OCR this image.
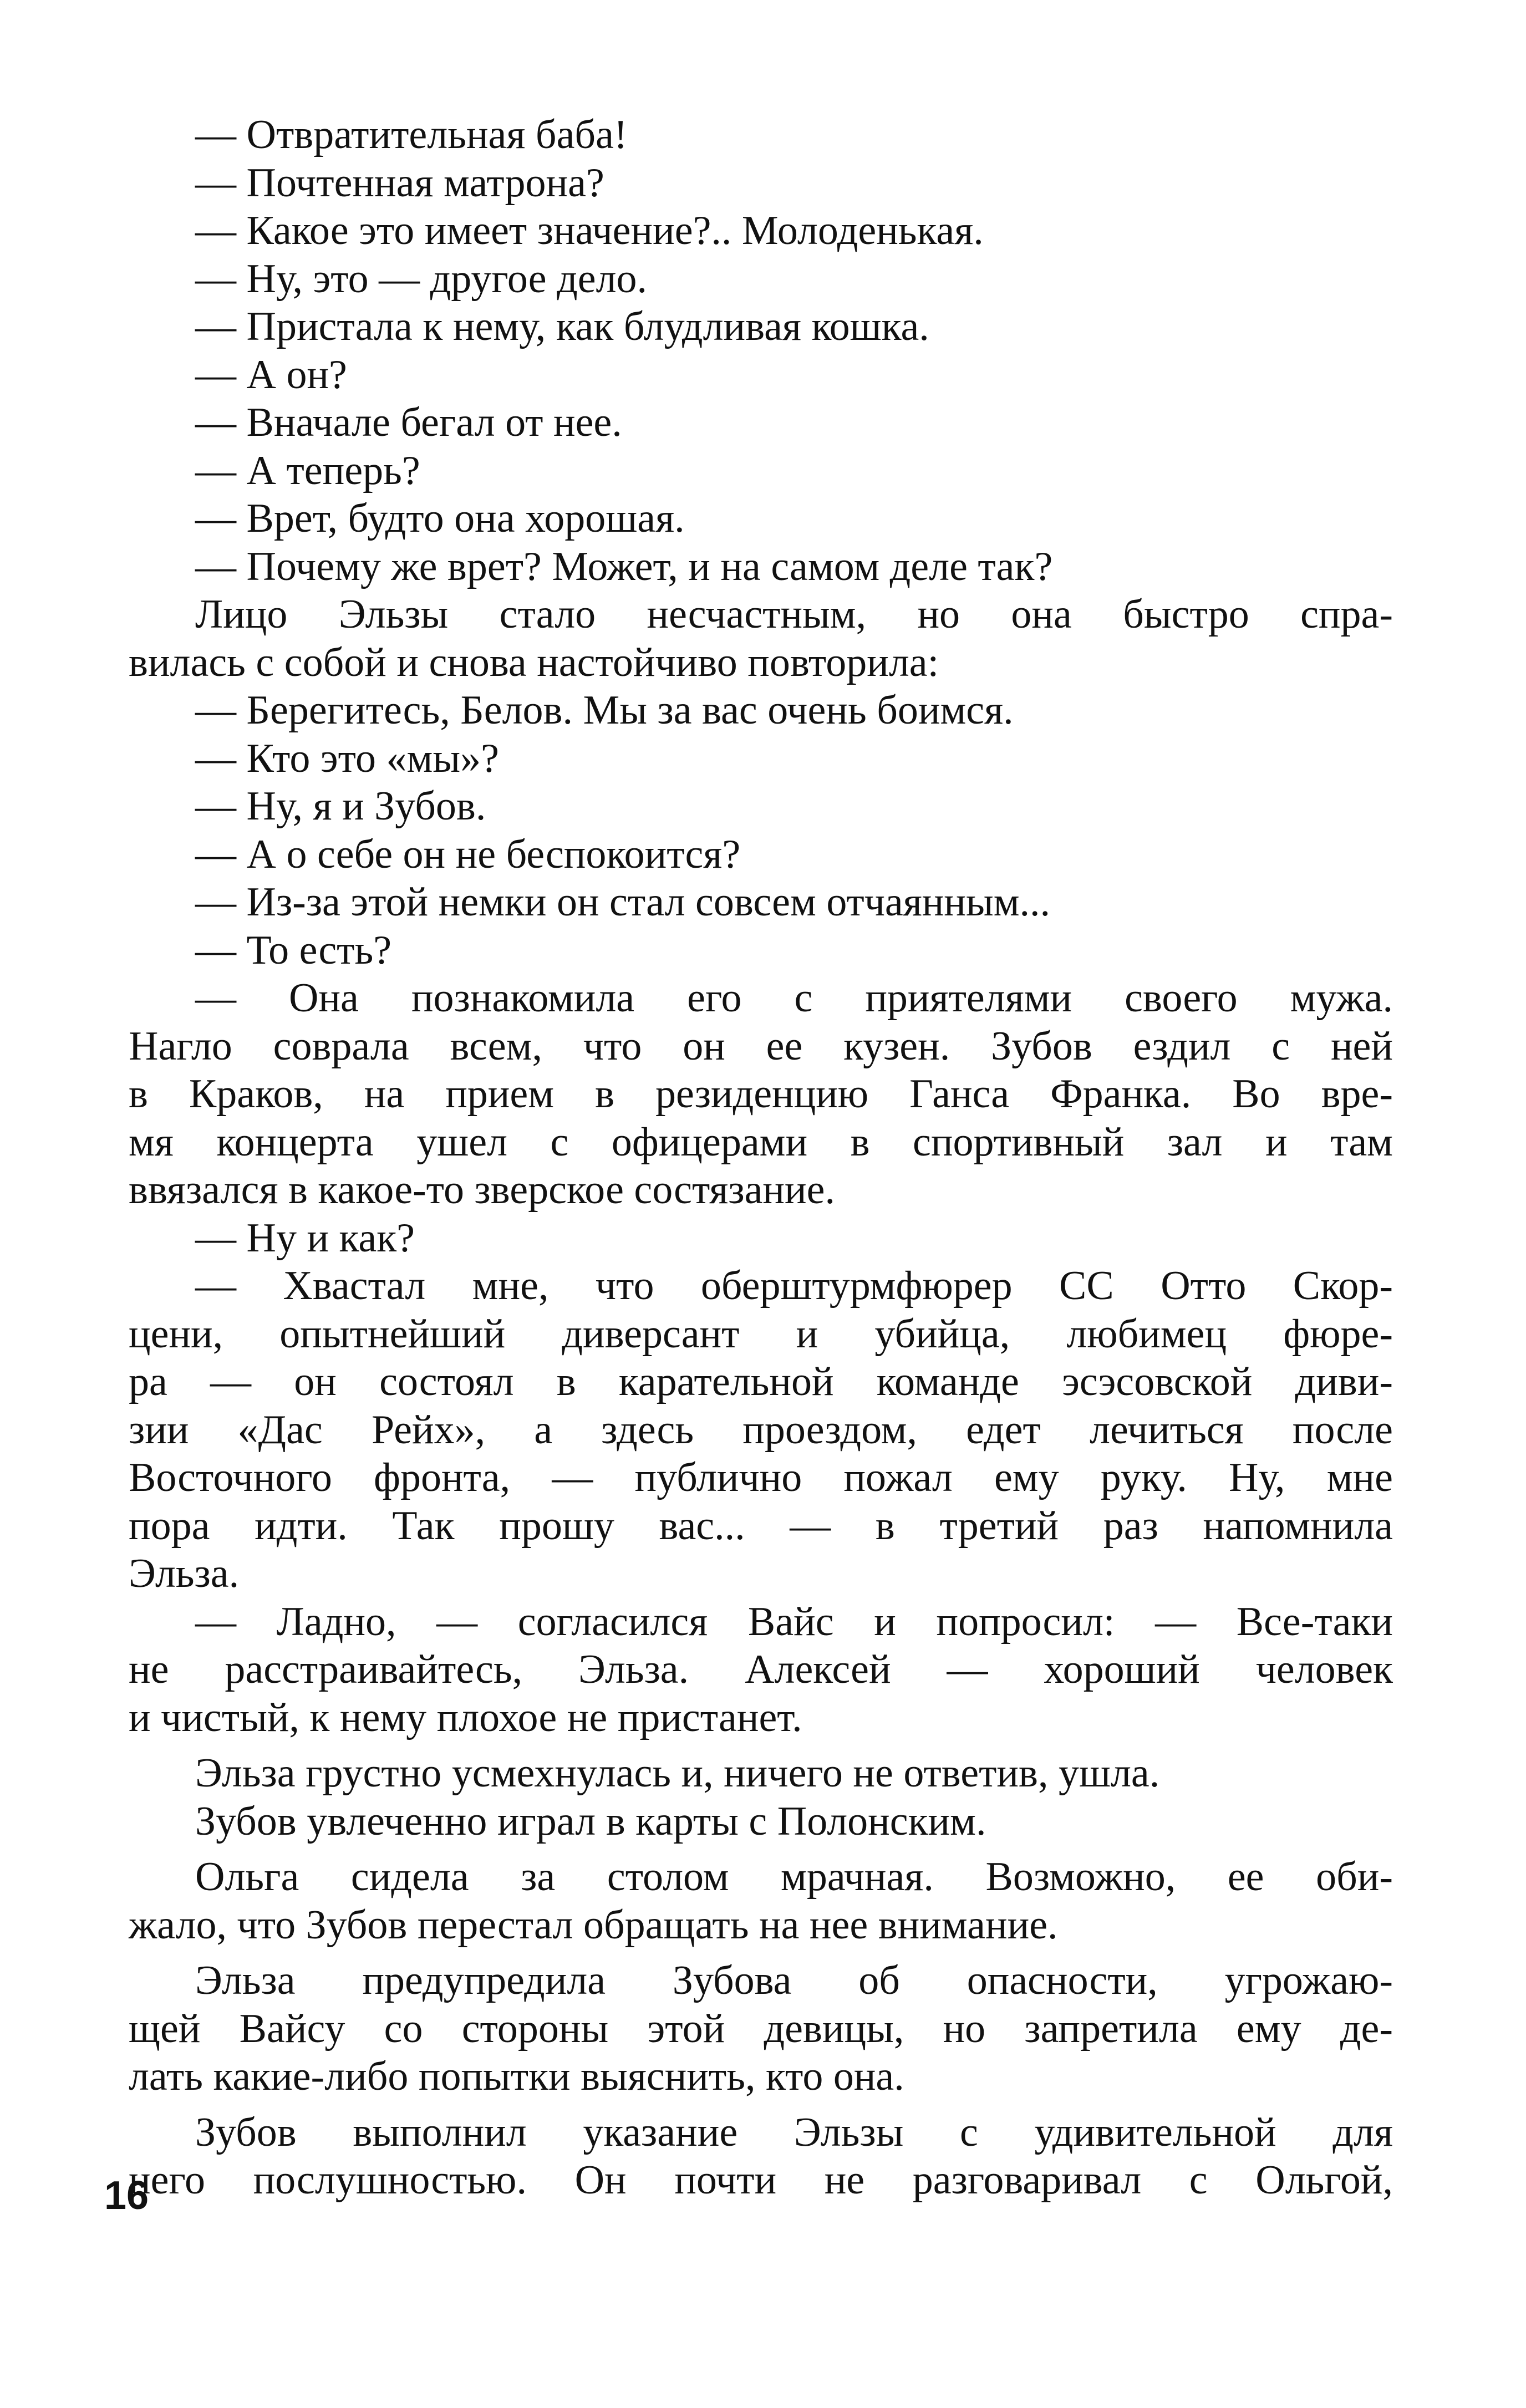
— Отвратительная баба!
— Почтенная матрона?
— Какое это имеет значение?.. Молоденькая.
— Ну, это — другое дело.
— Пристала к нему, как блудливая кошка.
— А он?
— Вначале бегал от нее.
— А теперь?
— Врет, будто она хорошая.
— Почему же врет? Может, и на самом деле так?
Лицо Эльзы стало несчастным, но она быстро спра-
вилась с собой и снова настойчиво повторила:
— Берегитесь, Белов. Мы за вас очень боимся.
— Кто это «мы»?
— Ну, я и Зубов.
— А о себе он не беспокоится?
— Из-за этой немки он стал совсем отчаянным...
— То есть?
— Она познакомила его с приятелями своего мужа.
Нагло соврала всем, что он ее кузен. Зубов ездил с ней
в Краков, на прием в резиденцию Ганса Франка. Во вре-
мя концерта ушел с офицерами в спортивный зал и там
ввязался в какое-то зверское состязание.
— Ну и как?
— Хвастал мне, что оберштурмфюрер СС Отто Скор-
цени, опытнейший диверсант и убийца, любимец фюре-
ра — он состоял в карательной команде эсэсовской диви-
зии «Дас Рейх», а здесь проездом, едет лечиться после
Восточного фронта, — публично пожал ему руку. Ну, мне
пора идти. Так прошу вас... — в третий раз напомнила
Эльза.
— Ладно, — согласился Вайс и попросил: — Все-таки
не расстраивайтесь, Эльза. Алексей — хороший человек
и чистый, к нему плохое не пристанет.
Эльза грустно усмехнулась и, ничего не ответив, ушла.
Зубов увлеченно играл в карты с Полонским.
Ольга сидела за столом мрачная. Возможно, ее оби-
жало, что Зубов перестал обращать на нее внимание.
Эльза предупредила Зубова об опасности, угрожаю-
щей Вайсу со стороны этой девицы, но запретила ему де-
лать какие-либо попытки выяснить, кто она.
Зубов выполнил указание Эльзы с удивительной для
него послушностью. Он почти не разговаривал с Ольгой,
16
